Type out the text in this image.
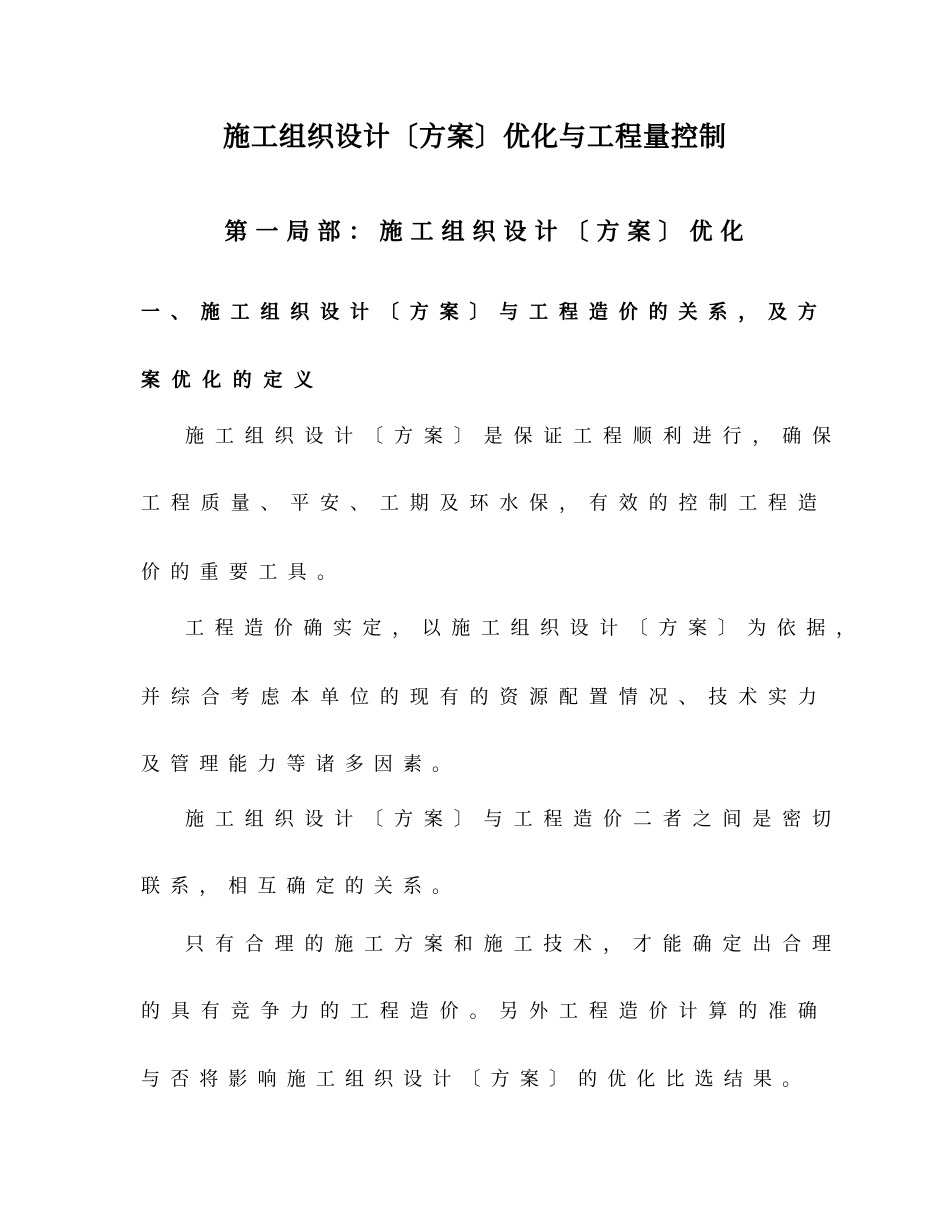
施工组织设计〔方案〕优化与工程量控制
第一局部：施工组织设计〔方案〕优化
一、施工组织设计〔方案〕与工程造价的关系，及方
案优化的定义
施工组织设计〔方案〕是保证工程顺利进行，确保
工程质量、平安、工期及环水保，有效的控制工程造
价的重要工具。
工程造价确实定，以施工组织设计〔方案〕为依据，
并综合考虑本单位的现有的资源配置情况、技术实力
及管理能力等诸多因素。
施工组织设计〔方案〕与工程造价二者之间是密切
联系，相互确定的关系。
只有合理的施工方案和施工技术，才能确定出合理
的具有竞争力的工程造价。另外工程造价计算的准确
与否将影响施工组织设计〔方案〕的优化比选结果。
